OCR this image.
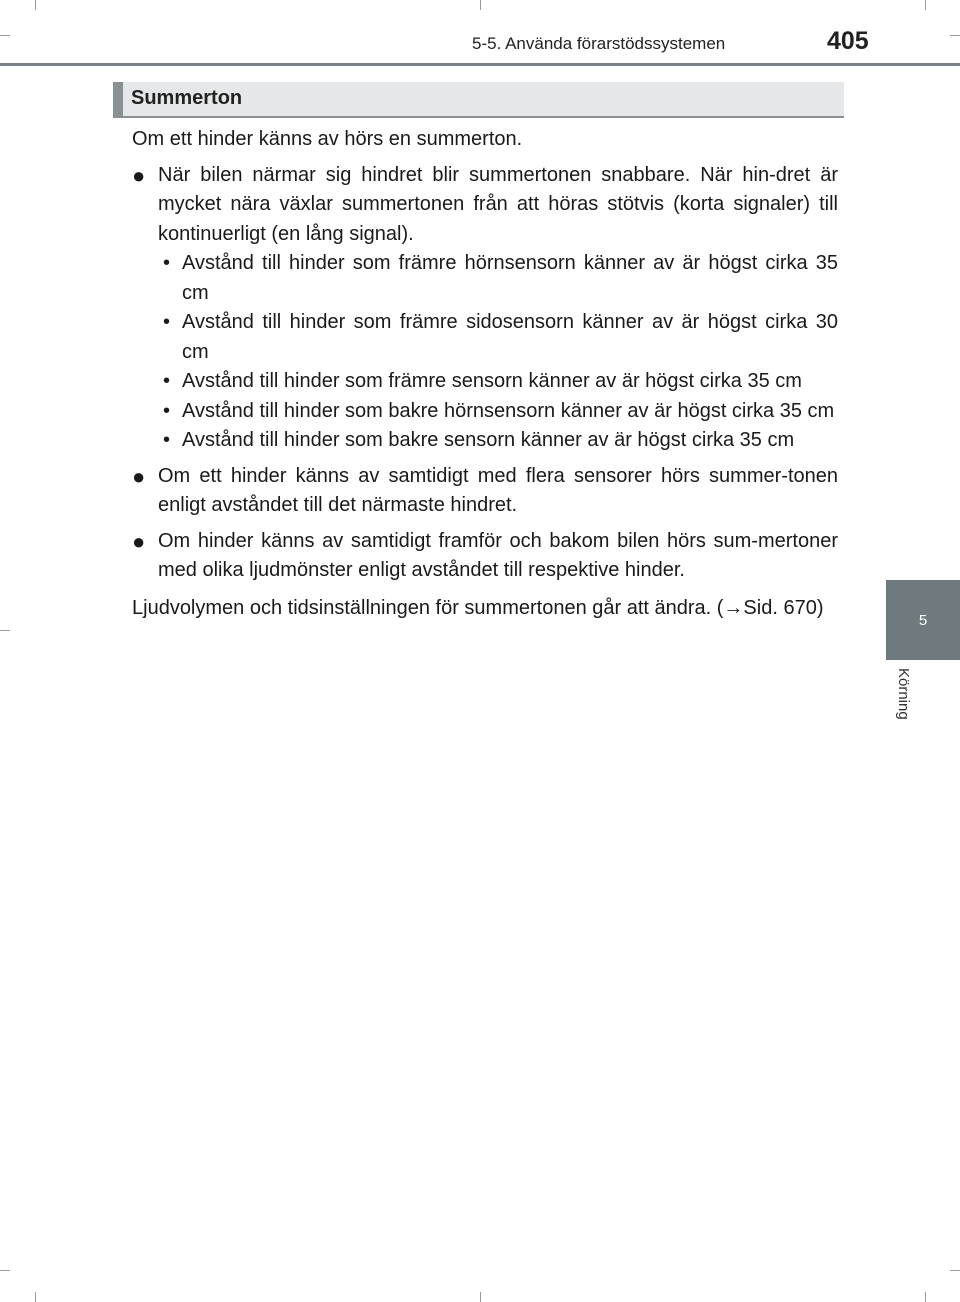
5-5. Använda förarstödssystemen	405
5
Körning
Summerton

Om ett hinder känns av hörs en summerton.

● När bilen närmar sig hindret blir summertonen snabbare. När hin-dret är mycket nära växlar summertonen från att höras stötvis (korta signaler) till kontinuerligt (en lång signal).

• Avstånd till hinder som främre hörnsensorn känner av är högst cirka 35 cm
• Avstånd till hinder som främre sidosensorn känner av är högst cirka 30 cm
• Avstånd till hinder som främre sensorn känner av är högst cirka 35 cm
• Avstånd till hinder som bakre hörnsensorn känner av är högst cirka 35 cm
• Avstånd till hinder som bakre sensorn känner av är högst cirka 35 cm
● Om ett hinder känns av samtidigt med flera sensorer hörs summer-tonen enligt avståndet till det närmaste hindret.

● Om hinder känns av samtidigt framför och bakom bilen hörs sum-mertoner med olika ljudmönster enligt avståndet till respektive hinder.

Ljudvolymen och tidsinställningen för summertonen går att ändra. (→Sid. 670)
